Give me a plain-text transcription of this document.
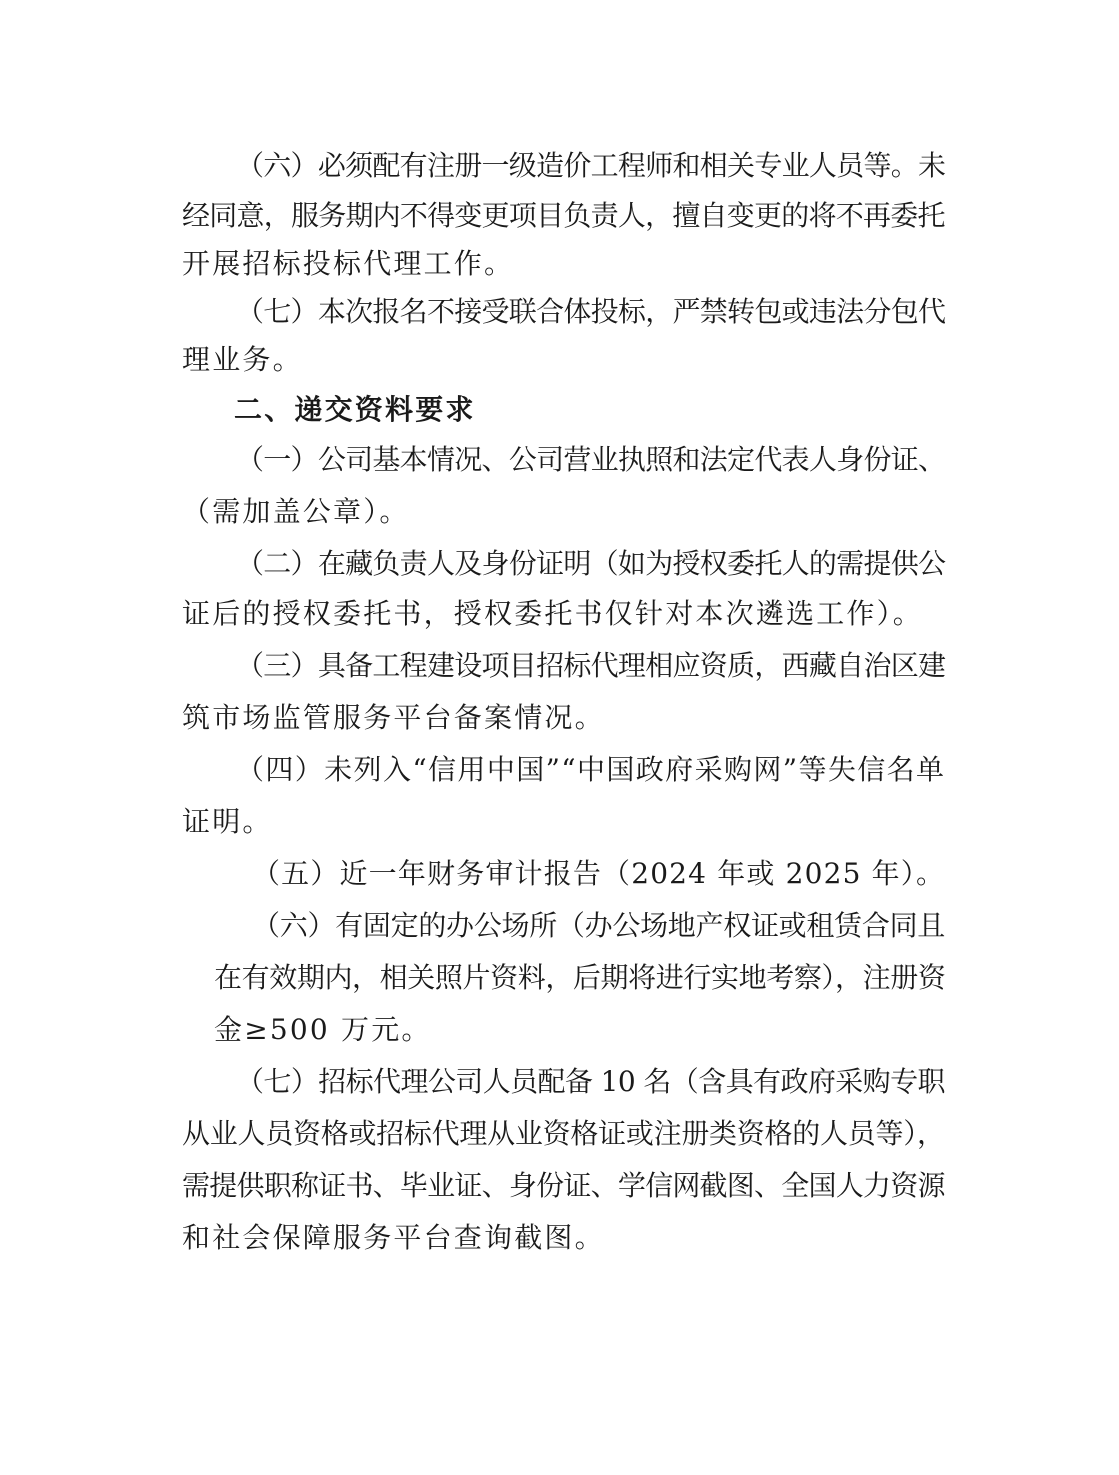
（六）必须配有注册一级造价工程师和相关专业人员等。未
经同意，服务期内不得变更项目负责人，擅自变更的将不再委托
开展招标投标代理工作。
（七）本次报名不接受联合体投标，严禁转包或违法分包代
理业务。
二、递交资料要求
（一）公司基本情况、公司营业执照和法定代表人身份证、
（需加盖公章）。
（二）在藏负责人及身份证明（如为授权委托人的需提供公
证后的授权委托书，授权委托书仅针对本次遴选工作）。
（三）具备工程建设项目招标代理相应资质，西藏自治区建
筑市场监管服务平台备案情况。
（四）未列入“信用中国”“中国政府采购网”等失信名单
证明。
（五）近一年财务审计报告（2024 年或 2025 年）。
（六）有固定的办公场所（办公场地产权证或租赁合同且
在有效期内，相关照片资料，后期将进行实地考察），注册资
金≥500 万元。
（七）招标代理公司人员配备 10 名（含具有政府采购专职
从业人员资格或招标代理从业资格证或注册类资格的人员等），
需提供职称证书、毕业证、身份证、学信网截图、全国人力资源
和社会保障服务平台查询截图。
